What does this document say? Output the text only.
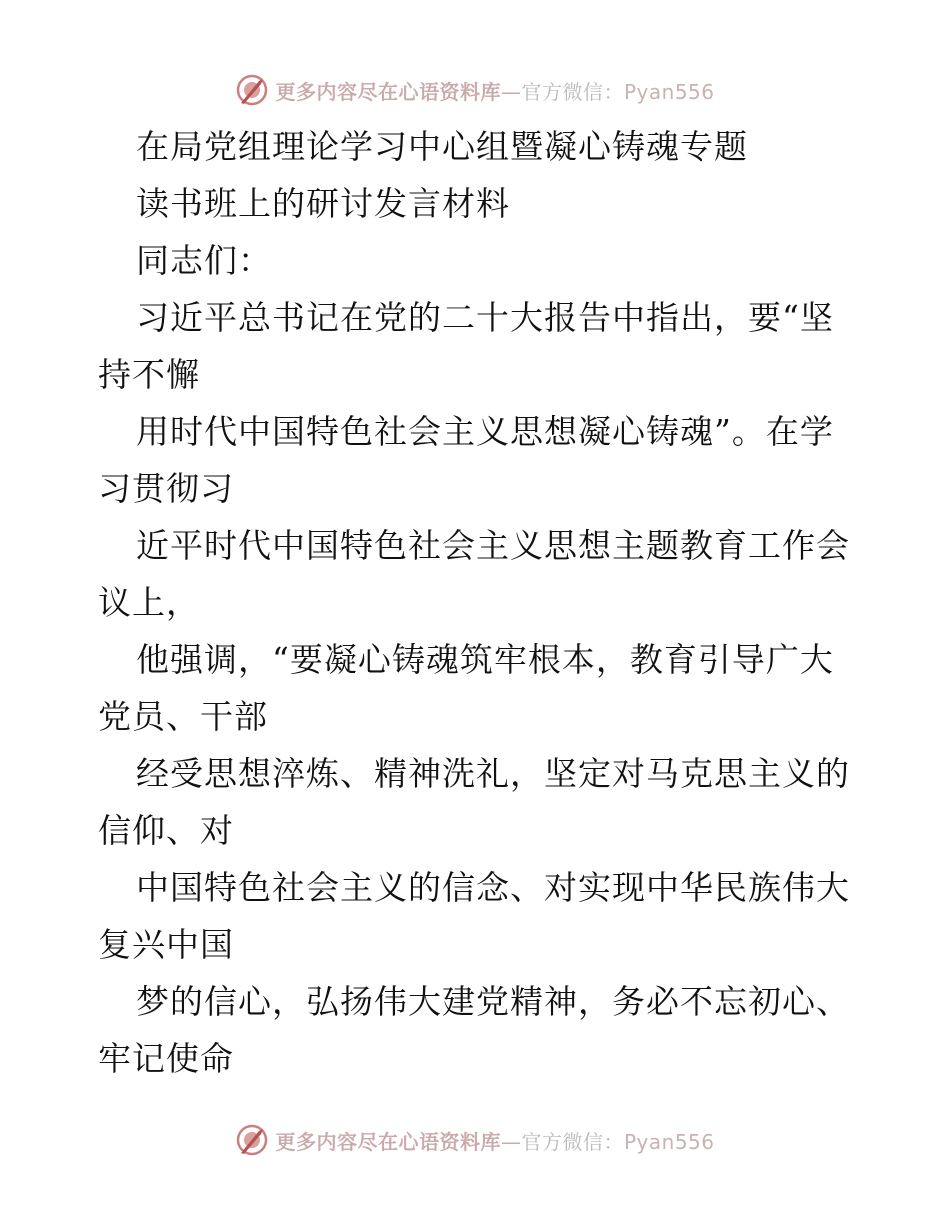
更多内容尽在心语资料库—官方微信：Pyan556
在局党组理论学习中心组暨凝心铸魂专题
读书班上的研讨发言材料
同志们：
习近平总书记在党的二十大报告中指出，要“坚
持不懈
用时代中国特色社会主义思想凝心铸魂”。在学
习贯彻习
近平时代中国特色社会主义思想主题教育工作会
议上，
他强调，“要凝心铸魂筑牢根本，教育引导广大
党员、干部
经受思想淬炼、精神洗礼，坚定对马克思主义的
信仰、对
中国特色社会主义的信念、对实现中华民族伟大
复兴中国
梦的信心，弘扬伟大建党精神，务必不忘初心、
牢记使命
更多内容尽在心语资料库—官方微信：Pyan556
